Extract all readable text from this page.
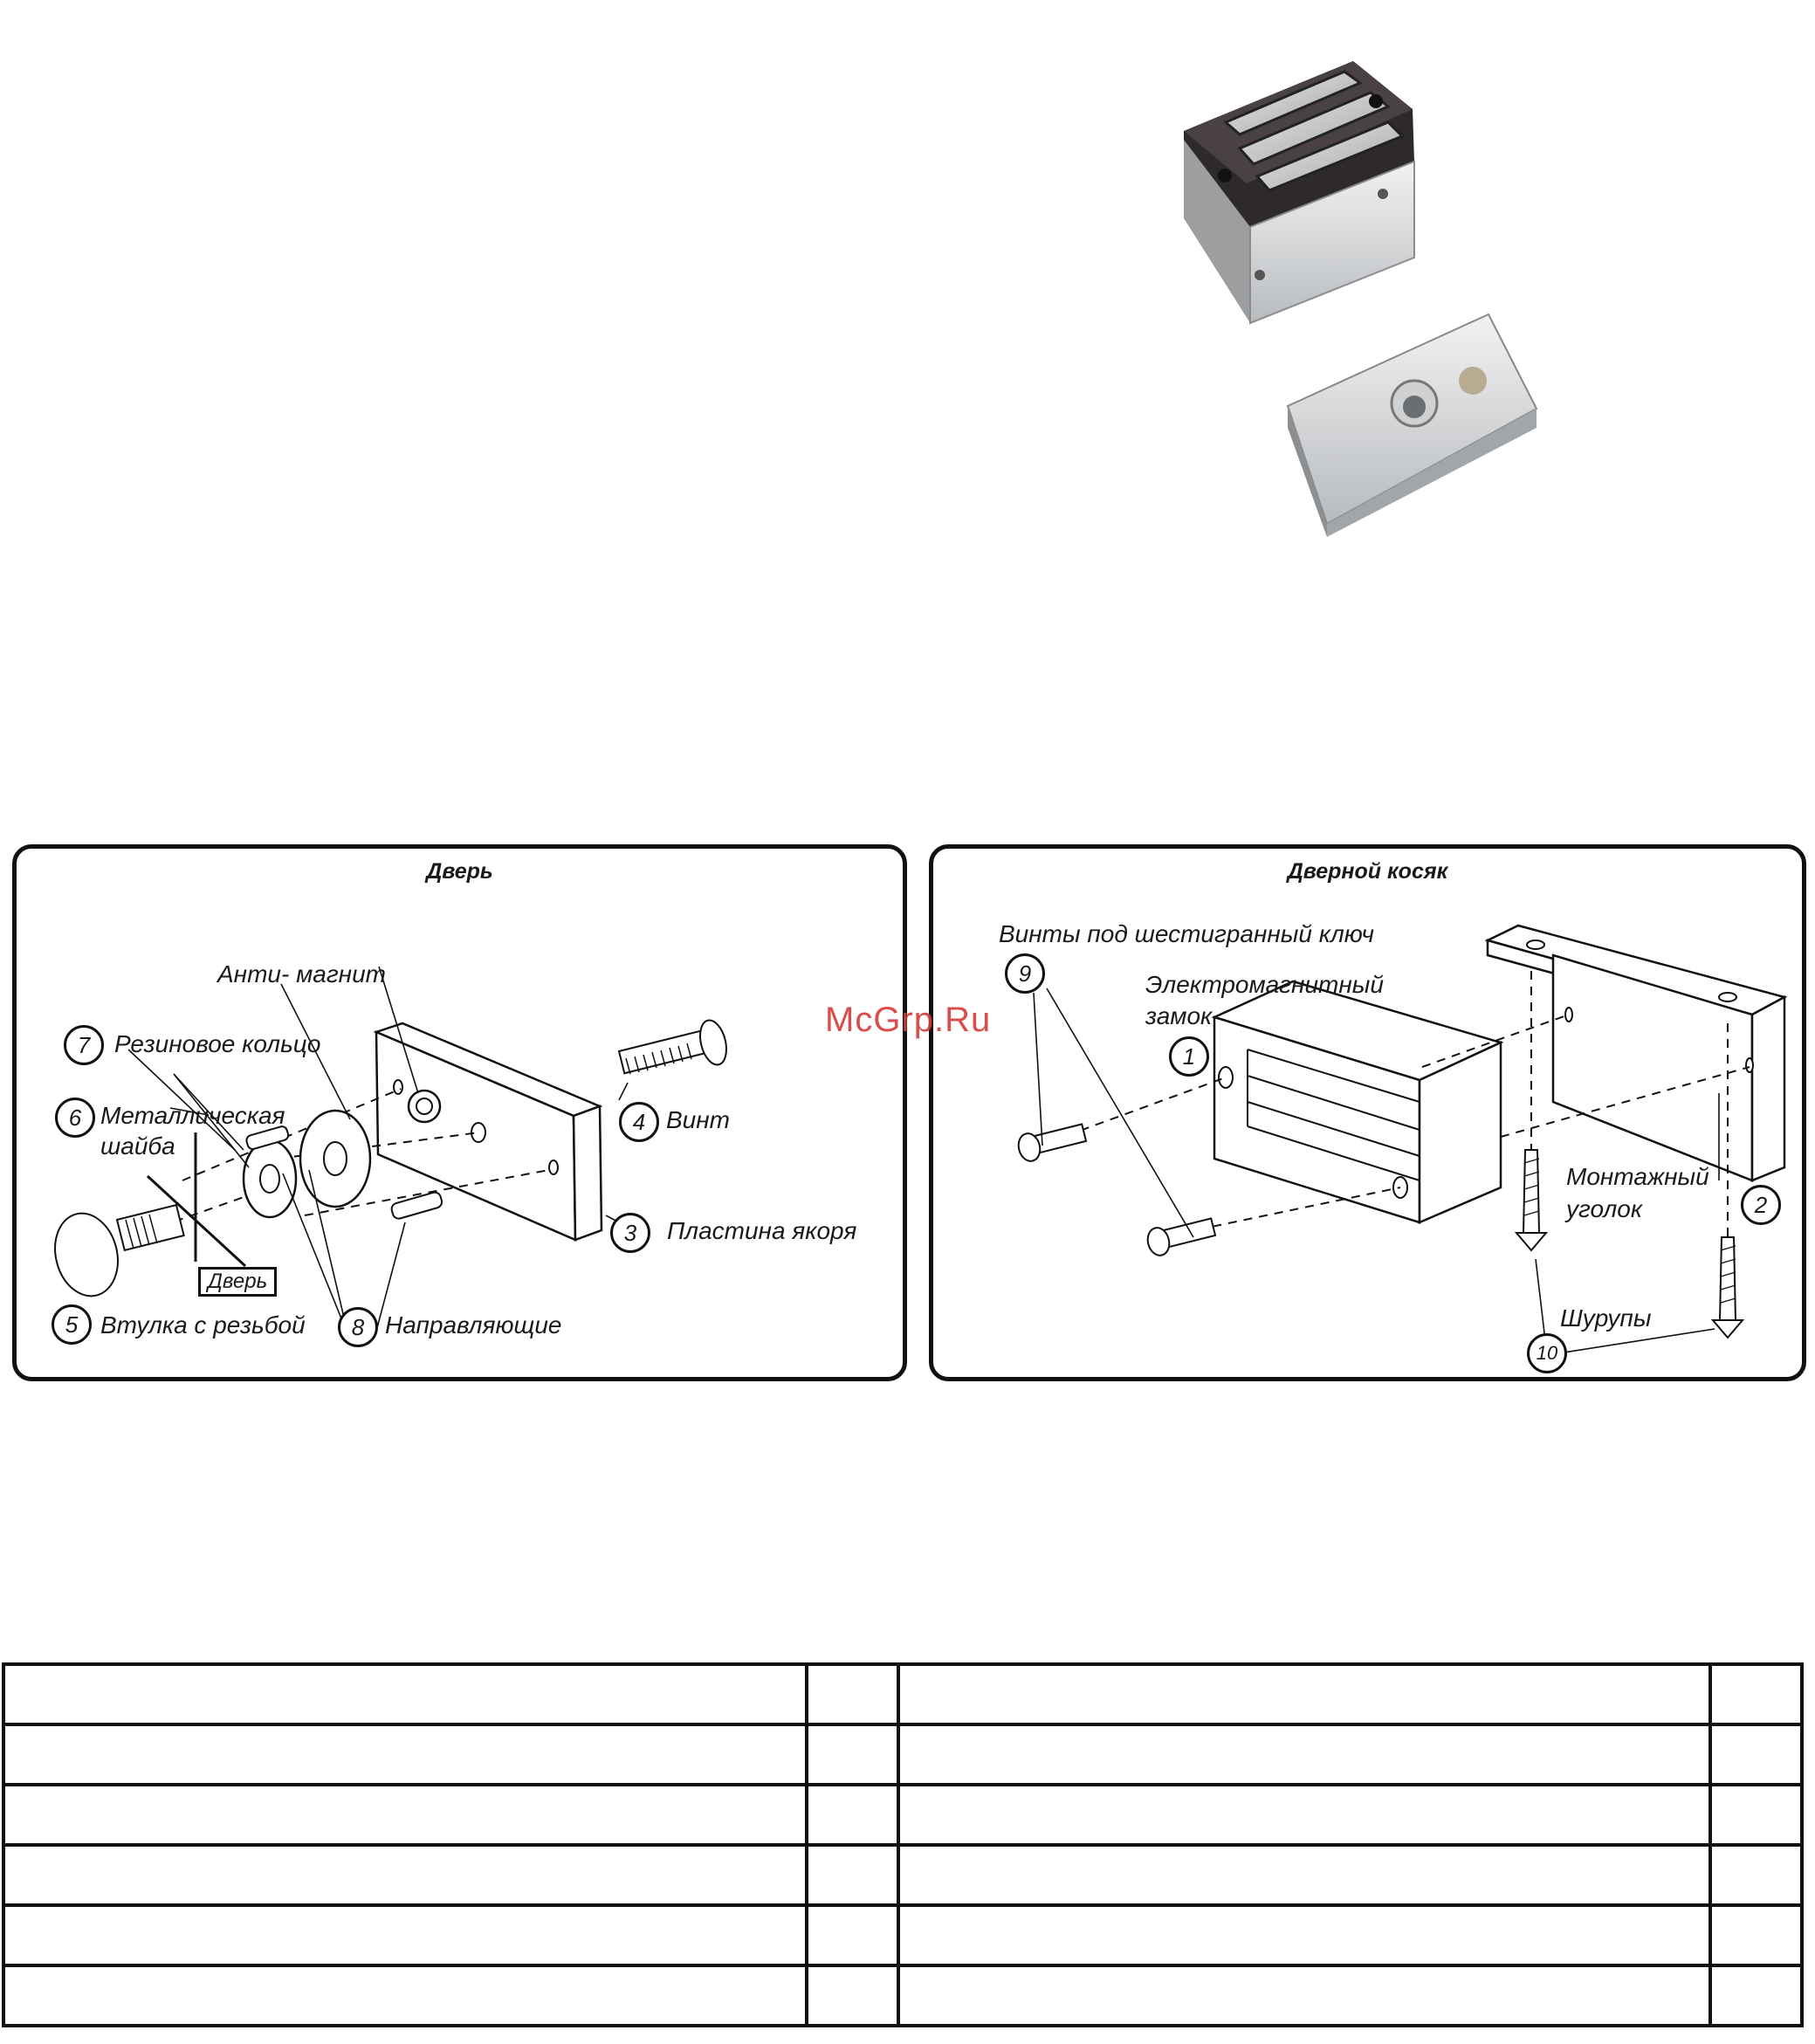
Дверь
Анти- магнит
7 Резиновое кольцо
6 Металлическая
шайба
4 Винт
3	Пластина якоря
Дверь
5 Втулка с резьбой	8 Направляющие
Дверной косяк
Винты под шестигранный ключ
9	Электромагнитный
замок
1
Монтажный
уголок	2
Шурупы
10
McGrp.Ru
